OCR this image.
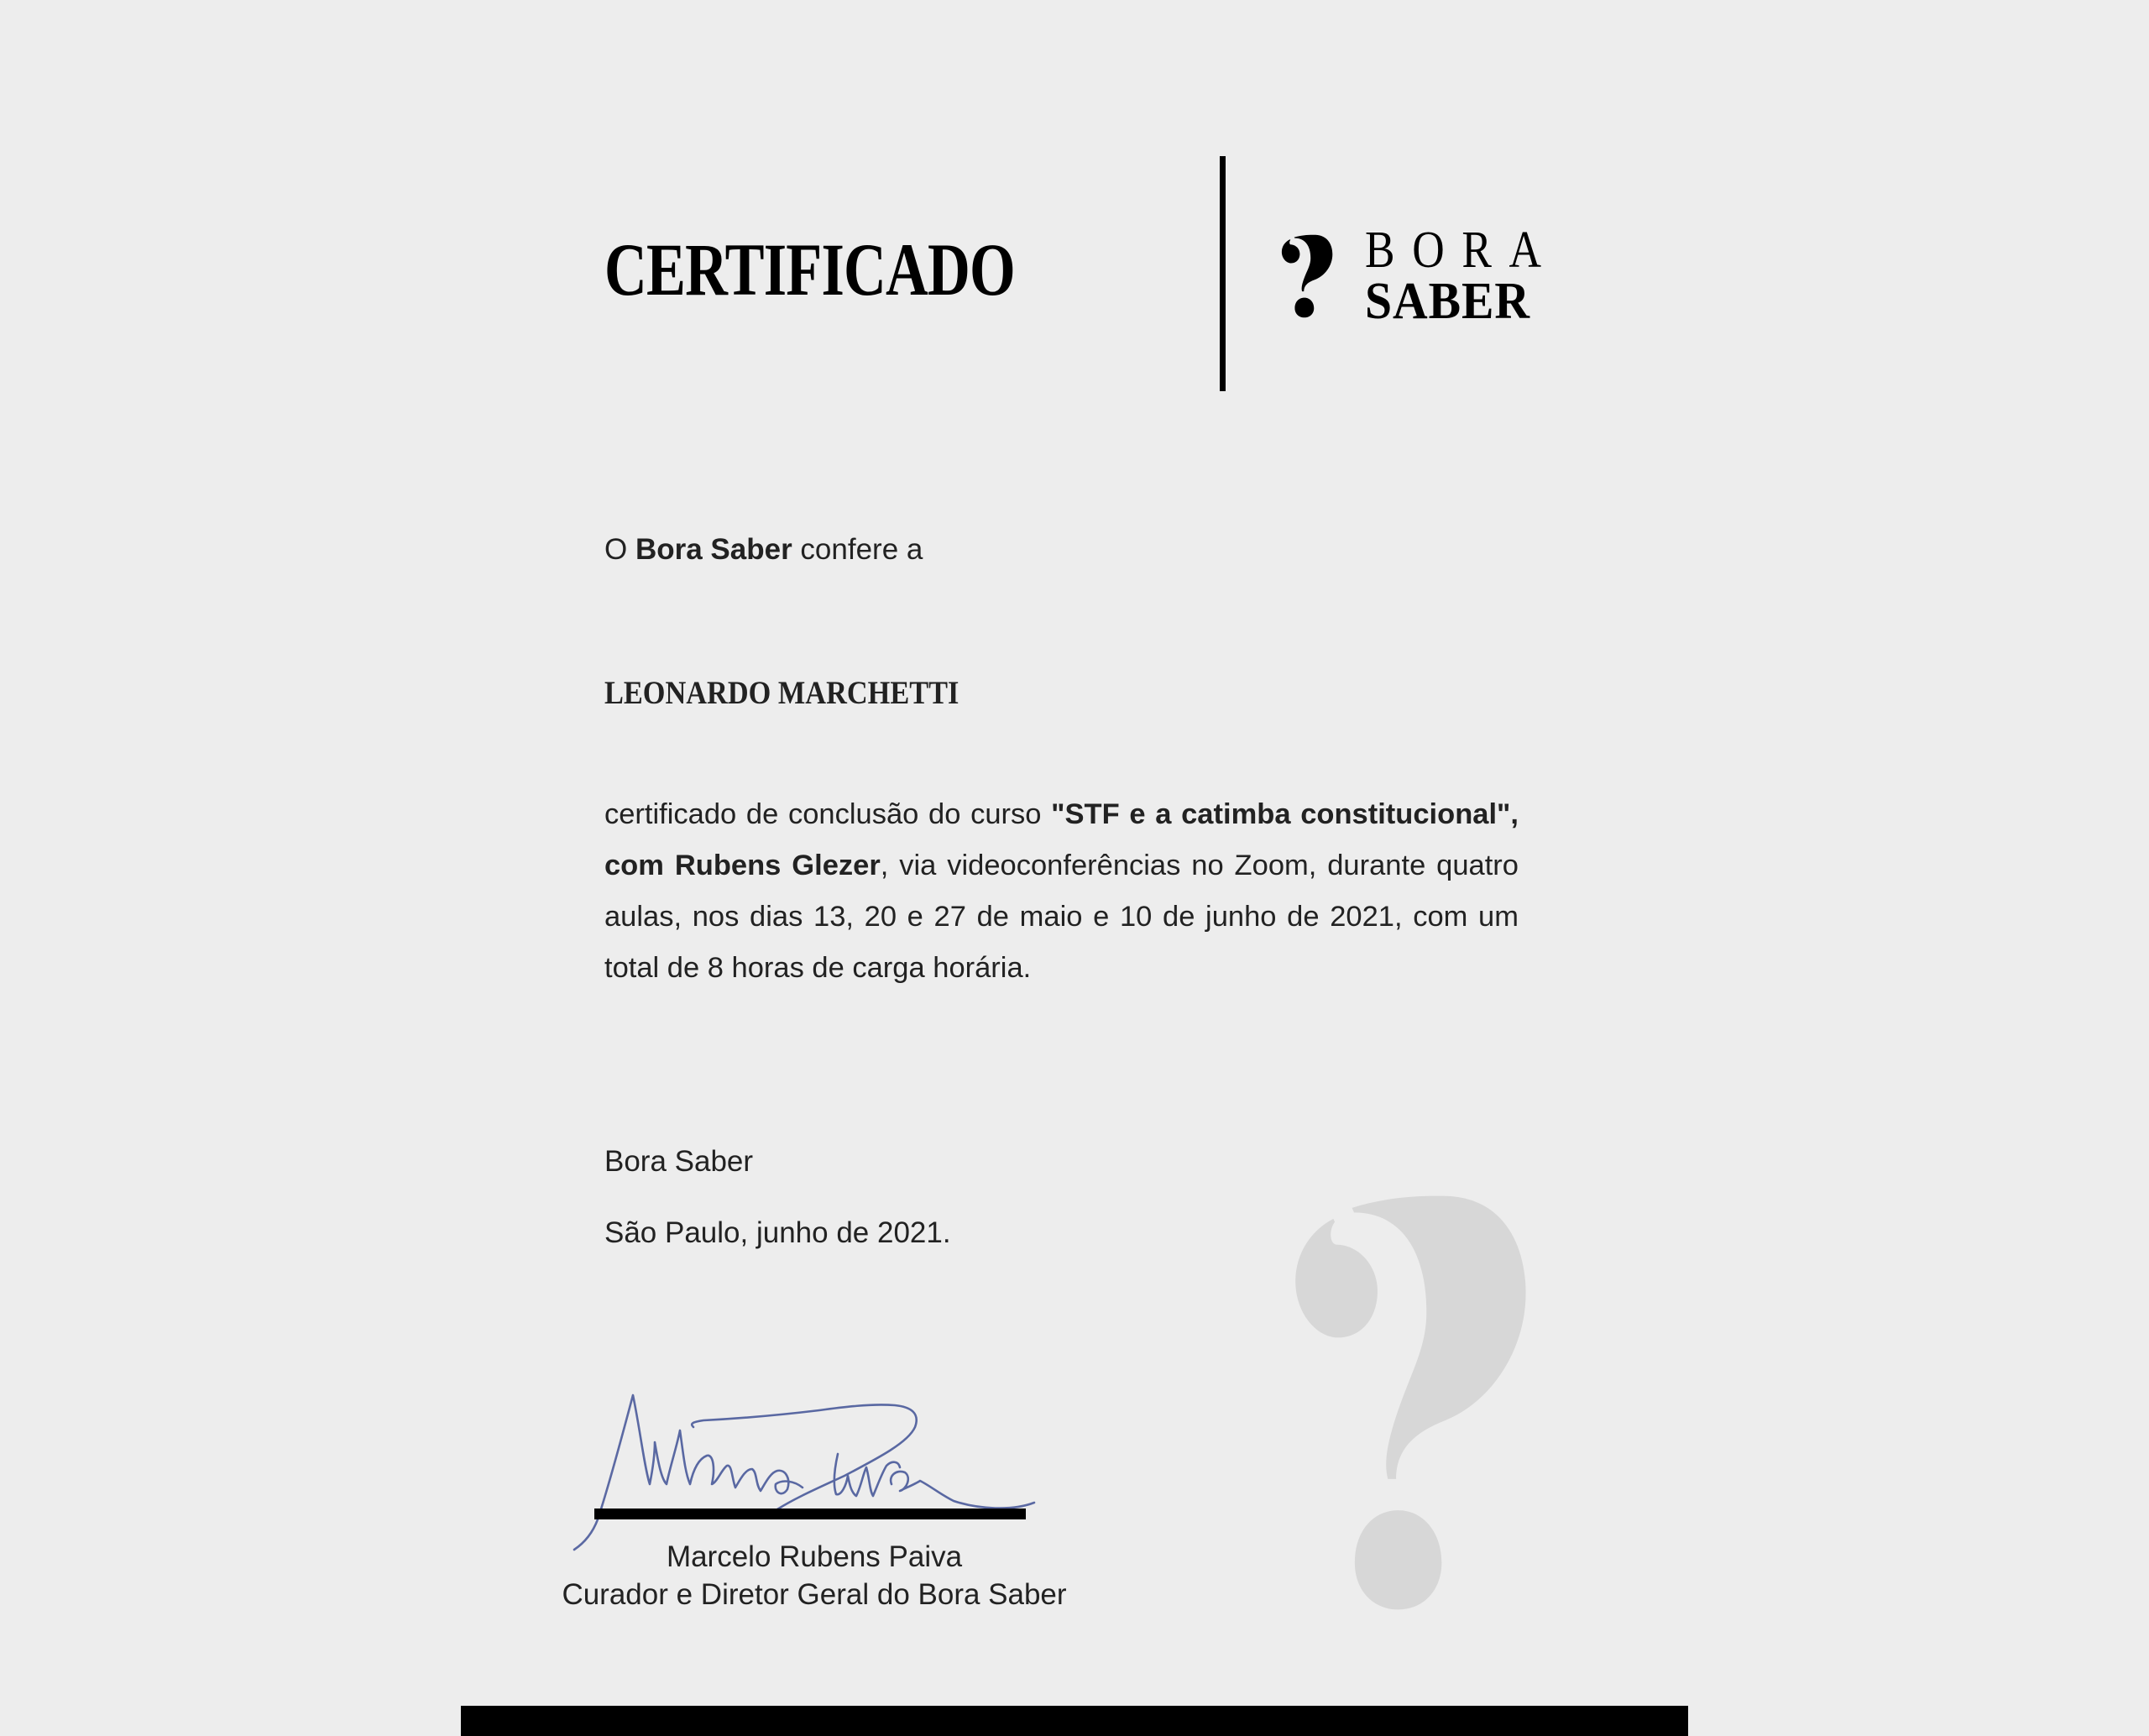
CERTIFICADO	BORA
SABER
O Bora Saber confere a
LEONARDO MARCHETTI
certificado de conclusão do curso "STF e a catimba constitucional", com Rubens Glezer, via videoconferências no Zoom, durante quatro aulas, nos dias 13, 20 e 27 de maio e 10 de junho de 2021, com um total de 8 horas de carga horária.
Bora Saber
São Paulo, junho de 2021.
Marcelo Rubens Paiva
Curador e Diretor Geral do Bora Saber
